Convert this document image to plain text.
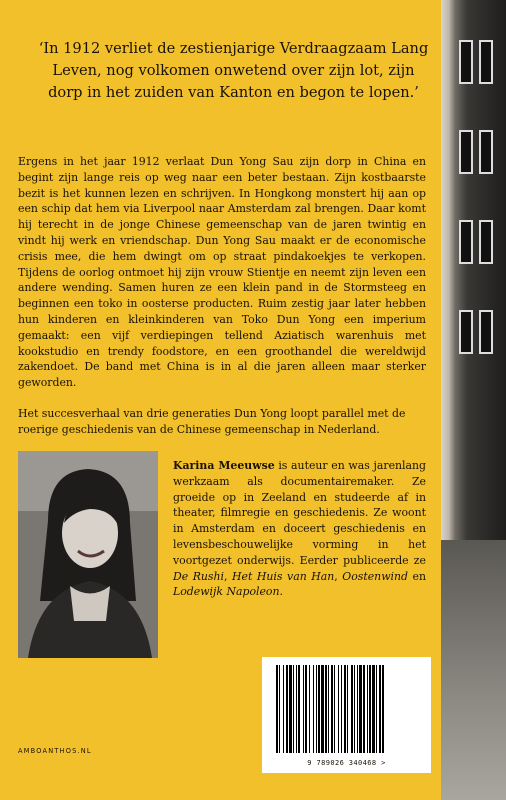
‘In 1912 verliet de zestienjarige Verdraagzaam Lang Leven, nog volkomen onwetend over zijn lot, zijn dorp in het zuiden van Kanton en begon te lopen.’

Ergens in het jaar 1912 verlaat Dun Yong Sau zijn dorp in China en begint zijn lange reis op weg naar een beter bestaan. Zijn kostbaarste bezit is het kunnen lezen en schrijven. In Hongkong monstert hij aan op een schip dat hem via Liverpool naar Amsterdam zal brengen. Daar komt hij terecht in de jonge Chinese gemeenschap van de jaren twintig en vindt hij werk en vriendschap. Dun Yong Sau maakt er de economische crisis mee, die hem dwingt om op straat pindakoekjes te verkopen. Tijdens de oorlog ontmoet hij zijn vrouw Stientje en neemt zijn leven een andere wending. Samen huren ze een klein pand in de Stormsteeg en beginnen een toko in oosterse producten. Ruim zestig jaar later hebben hun kinderen en kleinkinderen van Toko Dun Yong een imperium gemaakt: een vijf verdiepingen tellend Aziatisch warenhuis met kookstudio en trendy foodstore, en een groothandel die wereldwijd zakendoet. De band met China is in al die jaren alleen maar sterker geworden.

Het succesverhaal van drie generaties Dun Yong loopt parallel met de roerige geschiedenis van de Chinese gemeenschap in Nederland.

Karina Meeuwse is auteur en was jarenlang werkzaam als documentairemaker. Ze groeide op in Zeeland en studeerde af in theater, filmregie en geschiedenis. Ze woont in Amsterdam en doceert geschiedenis en levensbeschouwelijke vorming in het voortgezet onderwijs. Eerder publiceerde ze De Rushi, Het Huis van Han, Oostenwind en Lodewijk Napoleon.
9 789026 340468 >
AMBOANTHOS.NL
